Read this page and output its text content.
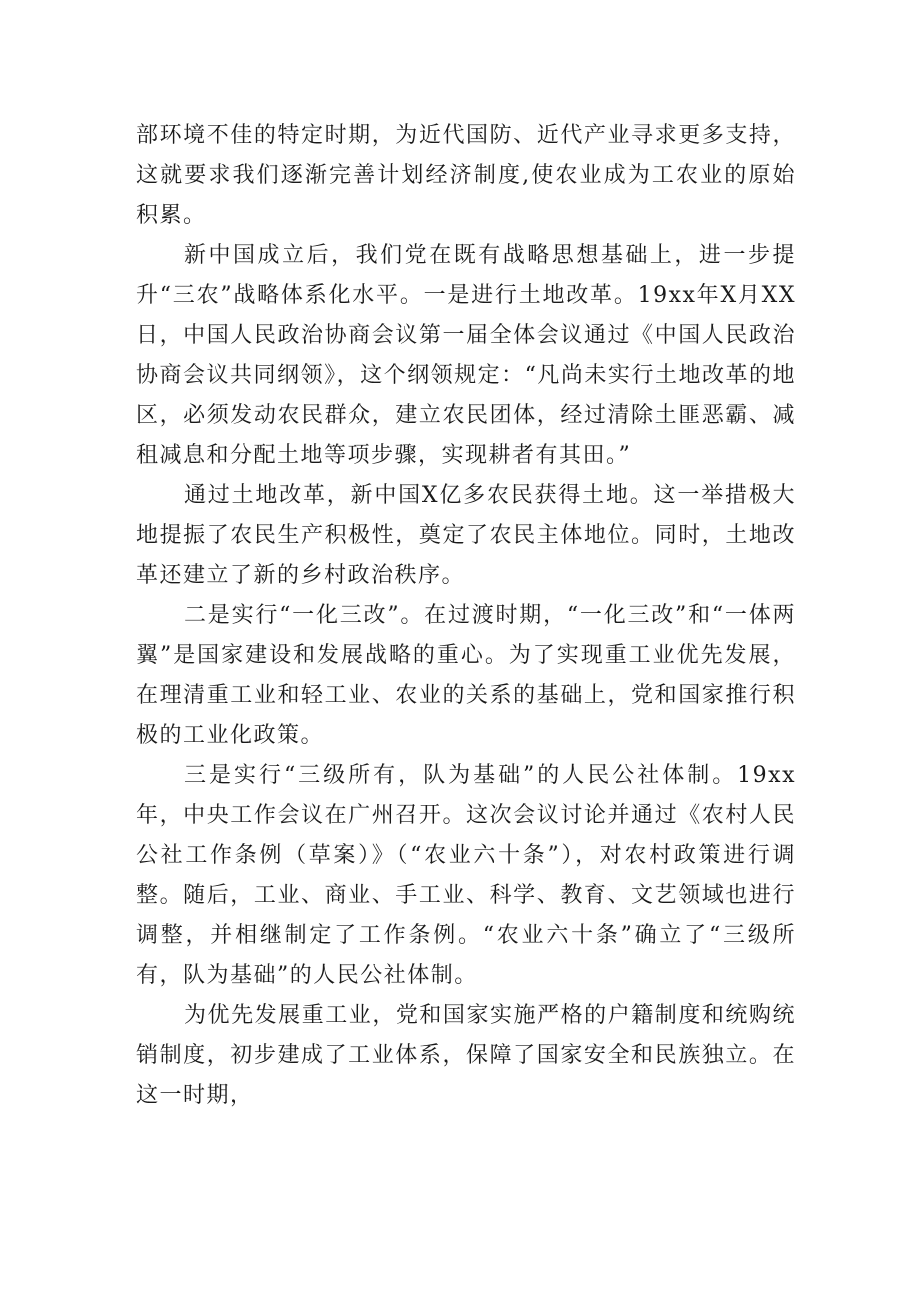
部环境不佳的特定时期，为近代国防、近代产业寻求更多支持，这就要求我们逐渐完善计划经济制度,使农业成为工农业的原始积累。

新中国成立后，我们党在既有战略思想基础上，进一步提升“三农”战略体系化水平。一是进行土地改革。19xx年X月XX日，中国人民政治协商会议第一届全体会议通过《中国人民政治协商会议共同纲领》，这个纲领规定：“凡尚未实行土地改革的地区，必须发动农民群众，建立农民团体，经过清除土匪恶霸、减租减息和分配土地等项步骤，实现耕者有其田。”

通过土地改革，新中国X亿多农民获得土地。这一举措极大地提振了农民生产积极性，奠定了农民主体地位。同时，土地改革还建立了新的乡村政治秩序。

二是实行“一化三改”。在过渡时期，“一化三改”和“一体两翼”是国家建设和发展战略的重心。为了实现重工业优先发展，在理清重工业和轻工业、农业的关系的基础上，党和国家推行积极的工业化政策。

三是实行“三级所有，队为基础”的人民公社体制。19xx年，中央工作会议在广州召开。这次会议讨论并通过《农村人民公社工作条例（草案）》（“农业六十条”），对农村政策进行调整。随后，工业、商业、手工业、科学、教育、文艺领域也进行调整，并相继制定了工作条例。“农业六十条”确立了“三级所有，队为基础”的人民公社体制。

为优先发展重工业，党和国家实施严格的户籍制度和统购统销制度，初步建成了工业体系，保障了国家安全和民族独立。在这一时期，
